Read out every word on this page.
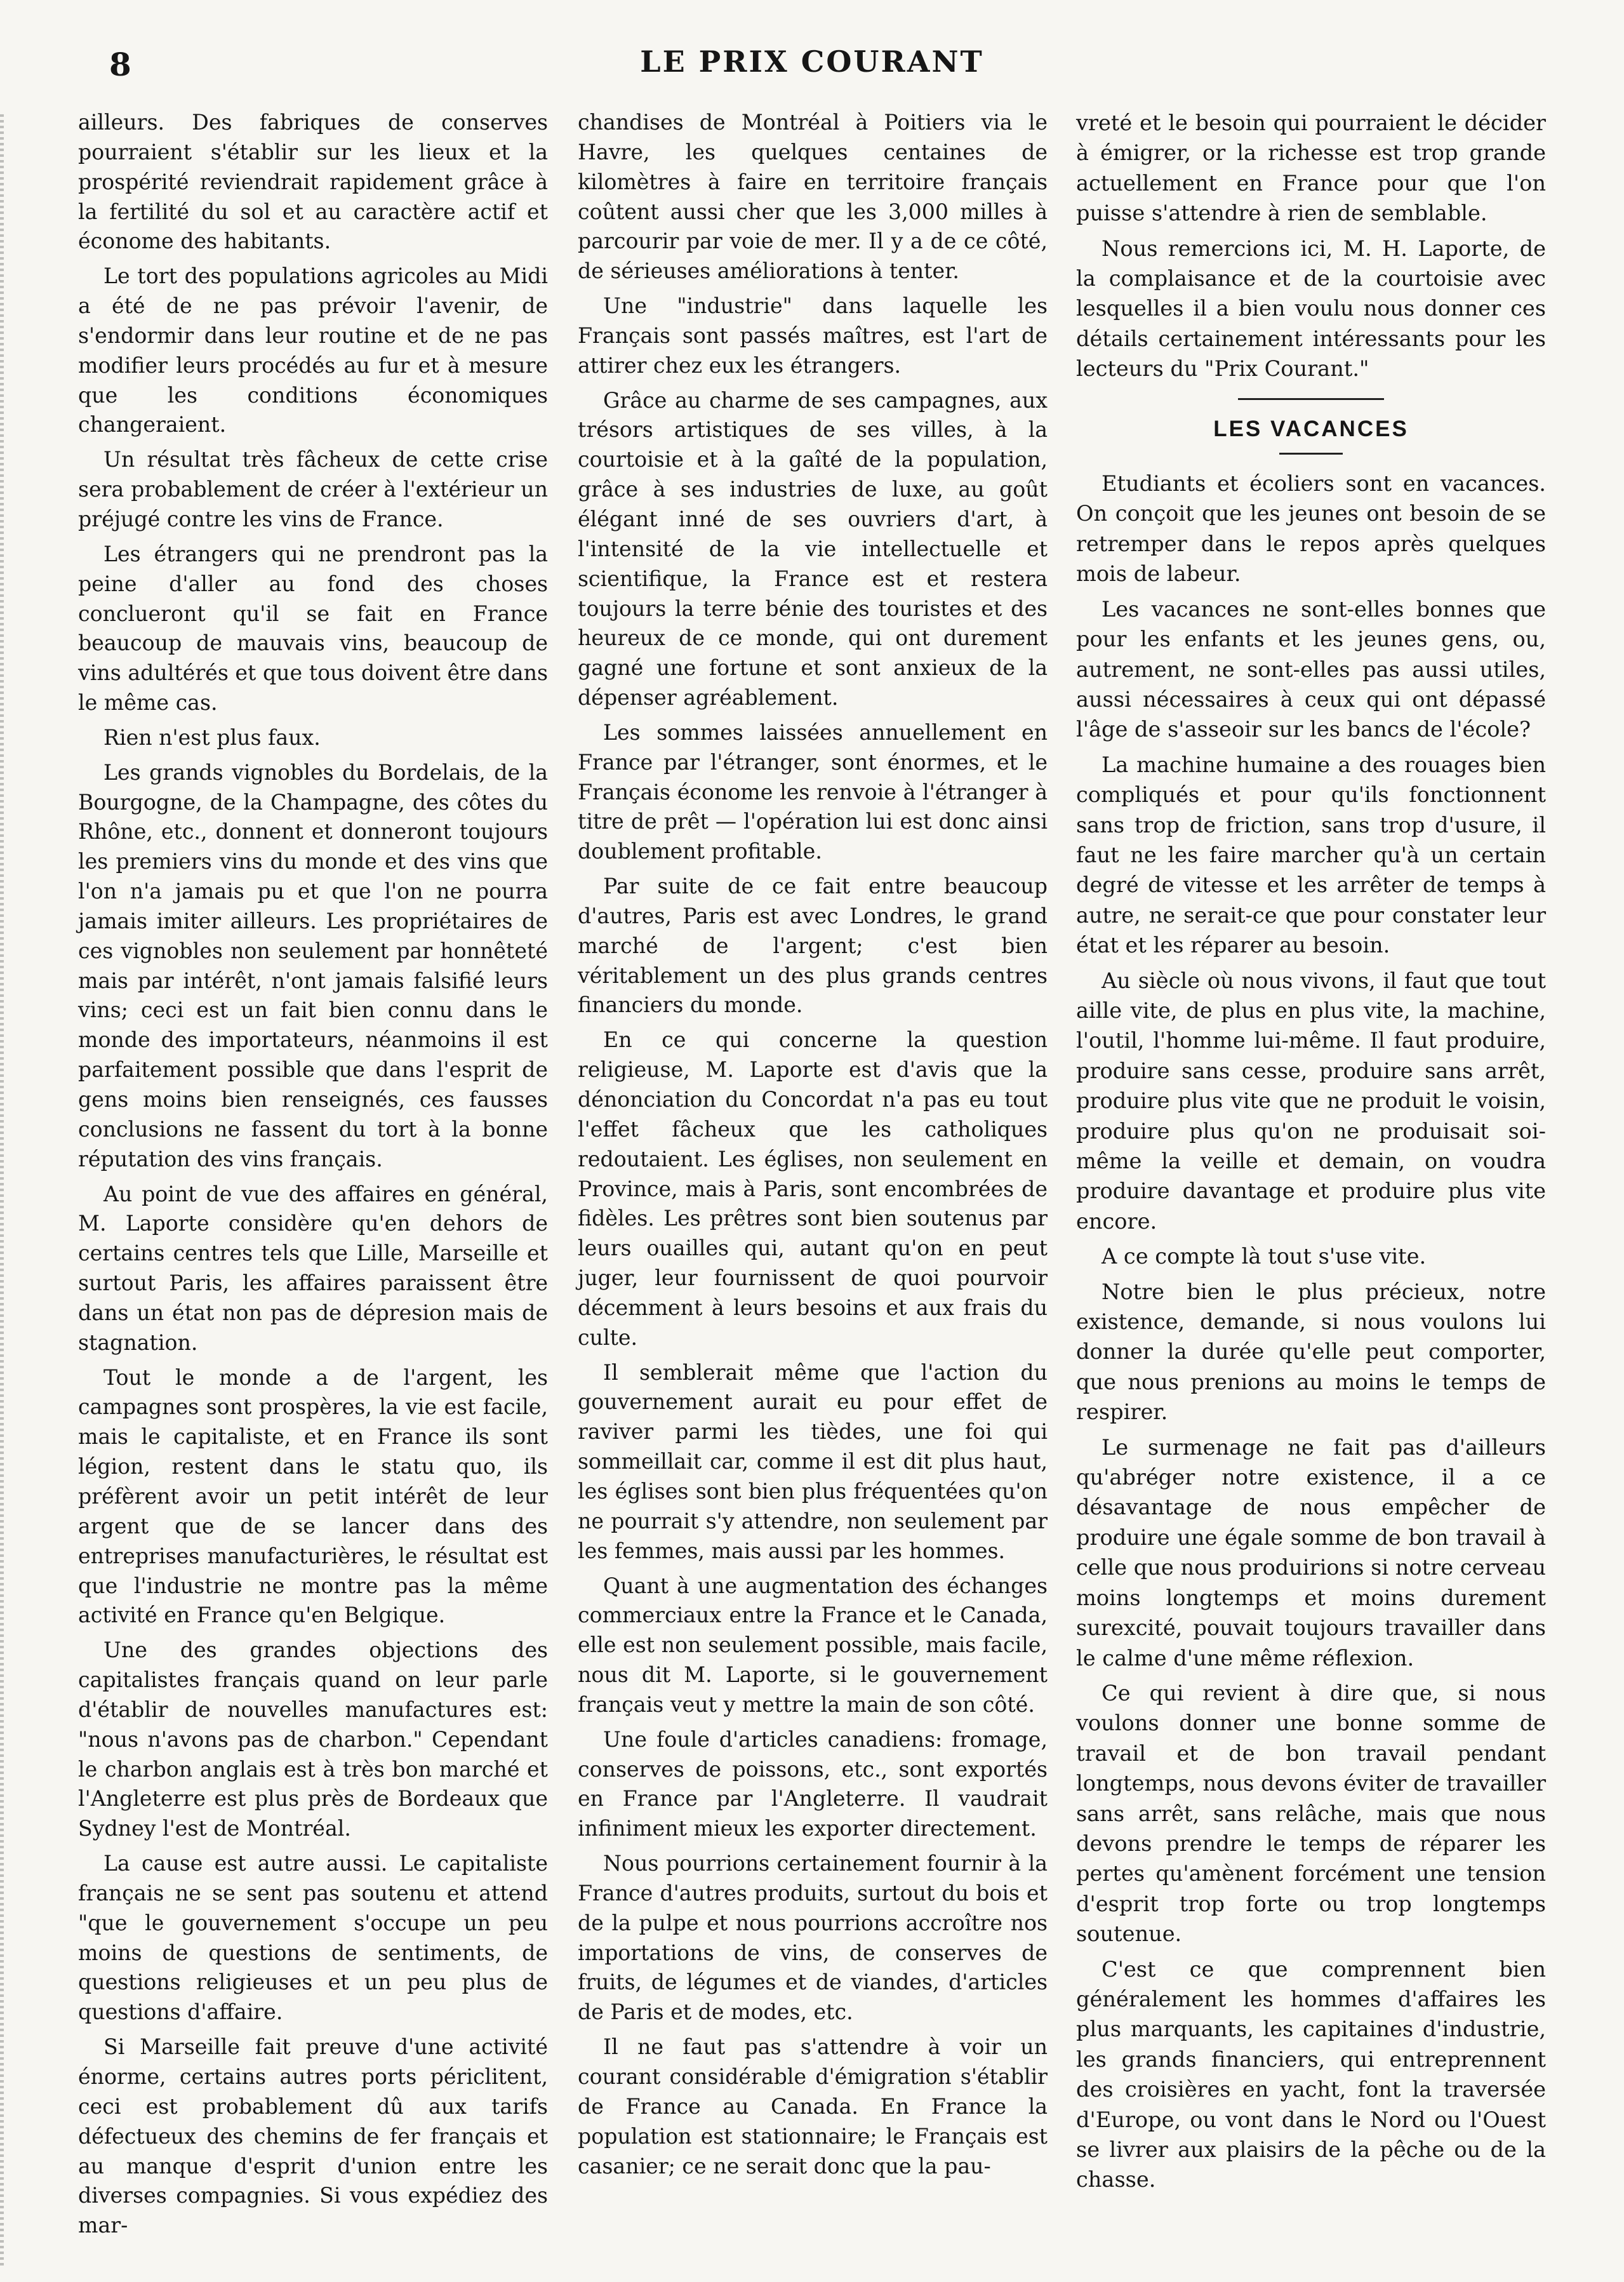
8	LE PRIX COURANT

ailleurs. Des fabriques de conserves pourraient s'établir sur les lieux et la prospérité reviendrait rapidement grâce à la fertilité du sol et au caractère actif et économe des habitants.

Le tort des populations agricoles au Midi a été de ne pas prévoir l'avenir, de s'endormir dans leur routine et de ne pas modifier leurs procédés au fur et à mesure que les conditions économiques changeraient.

Un résultat très fâcheux de cette crise sera probablement de créer à l'extérieur un préjugé contre les vins de France.

Les étrangers qui ne prendront pas la peine d'aller au fond des choses conclueront qu'il se fait en France beaucoup de mauvais vins, beaucoup de vins adultérés et que tous doivent être dans le même cas.

Rien n'est plus faux.

Les grands vignobles du Bordelais, de la Bourgogne, de la Champagne, des côtes du Rhône, etc., donnent et donneront toujours les premiers vins du monde et des vins que l'on n'a jamais pu et que l'on ne pourra jamais imiter ailleurs. Les propriétaires de ces vignobles non seulement par honnêteté mais par intérêt, n'ont jamais falsifié leurs vins; ceci est un fait bien connu dans le monde des importateurs, néanmoins il est parfaitement possible que dans l'esprit de gens moins bien renseignés, ces fausses conclusions ne fassent du tort à la bonne réputation des vins français.

Au point de vue des affaires en général, M. Laporte considère qu'en dehors de certains centres tels que Lille, Marseille et surtout Paris, les affaires paraissent être dans un état non pas de dépresion mais de stagnation.

Tout le monde a de l'argent, les campagnes sont prospères, la vie est facile, mais le capitaliste, et en France ils sont légion, restent dans le statu quo, ils préfèrent avoir un petit intérêt de leur argent que de se lancer dans des entreprises manufacturières, le résultat est que l'industrie ne montre pas la même activité en France qu'en Belgique.

Une des grandes objections des capitalistes français quand on leur parle d'établir de nouvelles manufactures est: "nous n'avons pas de charbon." Cependant le charbon anglais est à très bon marché et l'Angleterre est plus près de Bordeaux que Sydney l'est de Montréal.

La cause est autre aussi. Le capitaliste français ne se sent pas soutenu et attend "que le gouvernement s'occupe un peu moins de questions de sentiments, de questions religieuses et un peu plus de questions d'affaire.

Si Marseille fait preuve d'une activité énorme, certains autres ports périclitent, ceci est probablement dû aux tarifs défectueux des chemins de fer français et au manque d'esprit d'union entre les diverses compagnies. Si vous expédiez des mar-

chandises de Montréal à Poitiers via le Havre, les quelques centaines de kilomètres à faire en territoire français coûtent aussi cher que les 3,000 milles à parcourir par voie de mer. Il y a de ce côté, de sérieuses améliorations à tenter.

Une "industrie" dans laquelle les Français sont passés maîtres, est l'art de attirer chez eux les étrangers.

Grâce au charme de ses campagnes, aux trésors artistiques de ses villes, à la courtoisie et à la gaîté de la population, grâce à ses industries de luxe, au goût élégant inné de ses ouvriers d'art, à l'intensité de la vie intellectuelle et scientifique, la France est et restera toujours la terre bénie des touristes et des heureux de ce monde, qui ont durement gagné une fortune et sont anxieux de la dépenser agréablement.

Les sommes laissées annuellement en France par l'étranger, sont énormes, et le Français économe les renvoie à l'étranger à titre de prêt — l'opération lui est donc ainsi doublement profitable.

Par suite de ce fait entre beaucoup d'autres, Paris est avec Londres, le grand marché de l'argent; c'est bien véritablement un des plus grands centres financiers du monde.

En ce qui concerne la question religieuse, M. Laporte est d'avis que la dénonciation du Concordat n'a pas eu tout l'effet fâcheux que les catholiques redoutaient. Les églises, non seulement en Province, mais à Paris, sont encombrées de fidèles. Les prêtres sont bien soutenus par leurs ouailles qui, autant qu'on en peut juger, leur fournissent de quoi pourvoir décemment à leurs besoins et aux frais du culte.

Il semblerait même que l'action du gouvernement aurait eu pour effet de raviver parmi les tièdes, une foi qui sommeillait car, comme il est dit plus haut, les églises sont bien plus fréquentées qu'on ne pourrait s'y attendre, non seulement par les femmes, mais aussi par les hommes.

Quant à une augmentation des échanges commerciaux entre la France et le Canada, elle est non seulement possible, mais facile, nous dit M. Laporte, si le gouvernement français veut y mettre la main de son côté.

Une foule d'articles canadiens: fromage, conserves de poissons, etc., sont exportés en France par l'Angleterre. Il vaudrait infiniment mieux les exporter directement.

Nous pourrions certainement fournir à la France d'autres produits, surtout du bois et de la pulpe et nous pourrions accroître nos importations de vins, de conserves de fruits, de légumes et de viandes, d'articles de Paris et de modes, etc.

Il ne faut pas s'attendre à voir un courant considérable d'émigration s'établir de France au Canada. En France la population est stationnaire; le Français est casanier; ce ne serait donc que la pau-

vreté et le besoin qui pourraient le décider à émigrer, or la richesse est trop grande actuellement en France pour que l'on puisse s'attendre à rien de semblable.

Nous remercions ici, M. H. Laporte, de la complaisance et de la courtoisie avec lesquelles il a bien voulu nous donner ces détails certainement intéressants pour les lecteurs du "Prix Courant."

LES VACANCES

Etudiants et écoliers sont en vacances. On conçoit que les jeunes ont besoin de se retremper dans le repos après quelques mois de labeur.

Les vacances ne sont-elles bonnes que pour les enfants et les jeunes gens, ou, autrement, ne sont-elles pas aussi utiles, aussi nécessaires à ceux qui ont dépassé l'âge de s'asseoir sur les bancs de l'école?

La machine humaine a des rouages bien compliqués et pour qu'ils fonctionnent sans trop de friction, sans trop d'usure, il faut ne les faire marcher qu'à un certain degré de vitesse et les arrêter de temps à autre, ne serait-ce que pour constater leur état et les réparer au besoin.

Au siècle où nous vivons, il faut que tout aille vite, de plus en plus vite, la machine, l'outil, l'homme lui-même. Il faut produire, produire sans cesse, produire sans arrêt, produire plus vite que ne produit le voisin, produire plus qu'on ne produisait soi-même la veille et demain, on voudra produire davantage et produire plus vite encore.

A ce compte là tout s'use vite.

Notre bien le plus précieux, notre existence, demande, si nous voulons lui donner la durée qu'elle peut comporter, que nous prenions au moins le temps de respirer.

Le surmenage ne fait pas d'ailleurs qu'abréger notre existence, il a ce désavantage de nous empêcher de produire une égale somme de bon travail à celle que nous produirions si notre cerveau moins longtemps et moins durement surexcité, pouvait toujours travailler dans le calme d'une même réflexion.

Ce qui revient à dire que, si nous voulons donner une bonne somme de travail et de bon travail pendant longtemps, nous devons éviter de travailler sans arrêt, sans relâche, mais que nous devons prendre le temps de réparer les pertes qu'amènent forcément une tension d'esprit trop forte ou trop longtemps soutenue.

C'est ce que comprennent bien généralement les hommes d'affaires les plus marquants, les capitaines d'industrie, les grands financiers, qui entreprennent des croisières en yacht, font la traversée d'Europe, ou vont dans le Nord ou l'Ouest se livrer aux plaisirs de la pêche ou de la chasse.
